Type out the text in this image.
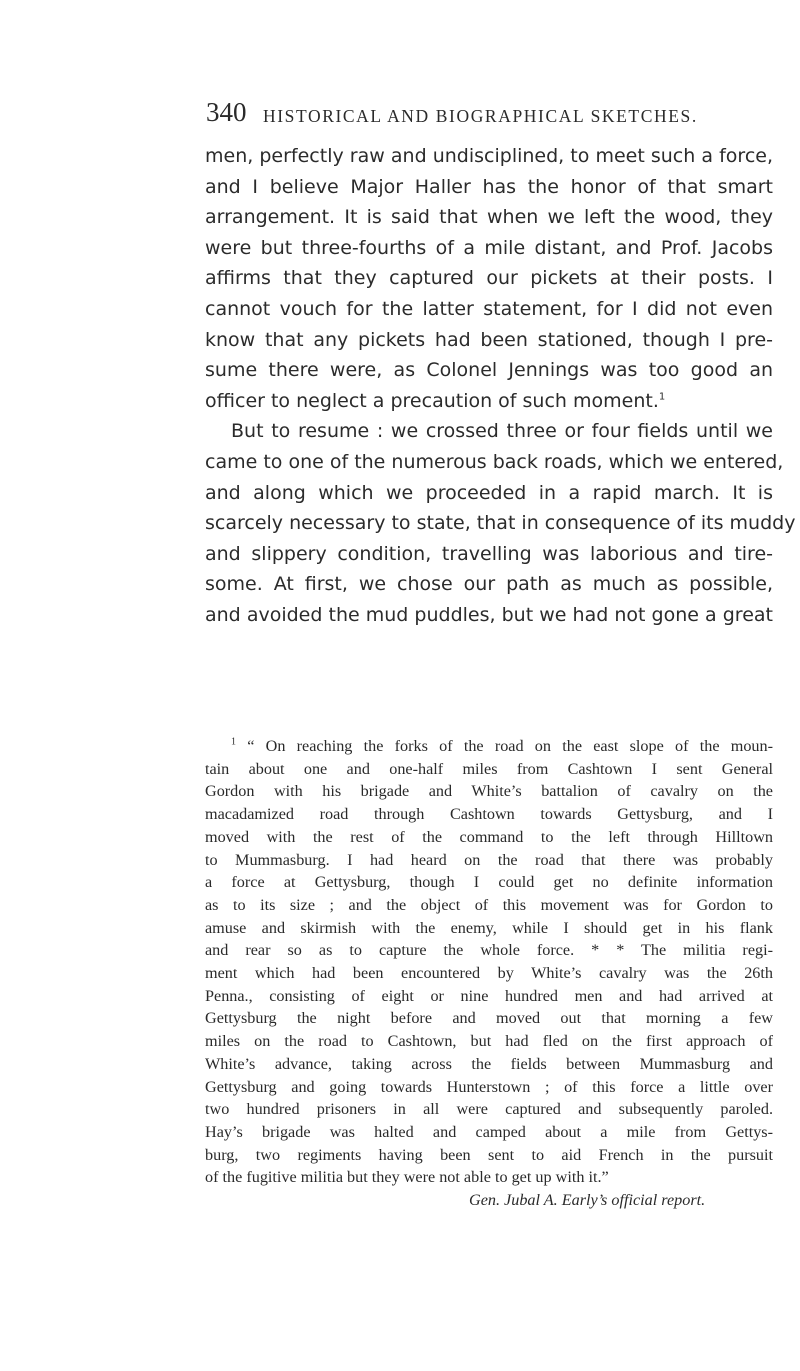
340 HISTORICAL AND BIOGRAPHICAL SKETCHES.
men, perfectly raw and undisciplined, to meet such a force,
and I believe Major Haller has the honor of that smart
arrangement. It is said that when we left the wood, they
were but three-fourths of a mile distant, and Prof. Jacobs
affirms that they captured our pickets at their posts. I
cannot vouch for the latter statement, for I did not even
know that any pickets had been stationed, though I pre-
sume there were, as Colonel Jennings was too good an
officer to neglect a precaution of such moment.$^1$
But to resume : we crossed three or four fields until we
came to one of the numerous back roads, which we entered,
and along which we proceeded in a rapid march. It is
scarcely necessary to state, that in consequence of its muddy
and slippery condition, travelling was laborious and tire-
some. At first, we chose our path as much as possible,
and avoided the mud puddles, but we had not gone a great
$^1$ “ On reaching the forks of the road on the east slope of the moun-
tain about one and one-half miles from Cashtown I sent General
Gordon with his brigade and White’s battalion of cavalry on the
macadamized road through Cashtown towards Gettysburg, and I
moved with the rest of the command to the left through Hilltown
to Mummasburg. I had heard on the road that there was probably
a force at Gettysburg, though I could get no definite information
as to its size ; and the object of this movement was for Gordon to
amuse and skirmish with the enemy, while I should get in his flank
and rear so as to capture the whole force. * * The militia regi-
ment which had been encountered by White’s cavalry was the 26th
Penna., consisting of eight or nine hundred men and had arrived at
Gettysburg the night before and moved out that morning a few
miles on the road to Cashtown, but had fled on the first approach of
White’s advance, taking across the fields between Mummasburg and
Gettysburg and going towards Hunterstown ; of this force a little over
two hundred prisoners in all were captured and subsequently paroled.
Hay’s brigade was halted and camped about a mile from Gettys-
burg, two regiments having been sent to aid French in the pursuit
of the fugitive militia but they were not able to get up with it.”
Gen. Jubal A. Early’s official report.
